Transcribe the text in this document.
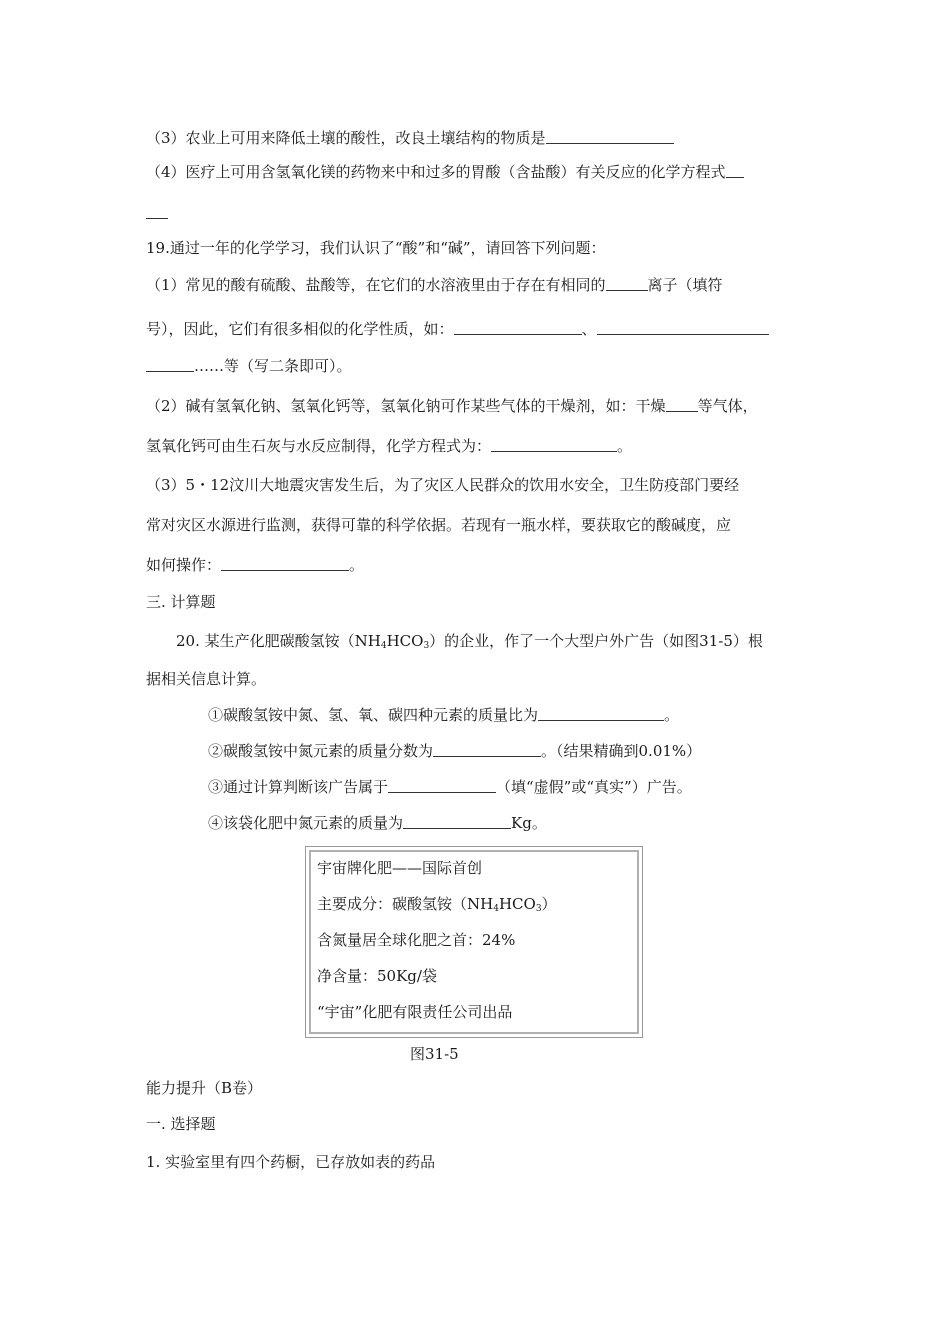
（3）农业上可用来降低土壤的酸性，改良土壤结构的物质是
（4）医疗上可用含氢氧化镁的药物来中和过多的胃酸（含盐酸）有关反应的化学方程式
19.通过一年的化学学习，我们认识了“酸”和“碱”，请回答下列问题：
（1）常见的酸有硫酸、盐酸等，在它们的水溶液里由于存在有相同的	离子（填符
号），因此，它们有很多相似的化学性质，如：	、
……等（写二条即可）。
（2）碱有氢氧化钠、氢氧化钙等，氢氧化钠可作某些气体的干燥剂，如：干燥 等气体，
氢氧化钙可由生石灰与水反应制得，化学方程式为：	。
（3）5・12汶川大地震灾害发生后，为了灾区人民群众的饮用水安全，卫生防疫部门要经
常对灾区水源进行监测，获得可靠的科学依据。若现有一瓶水样，要获取它的酸碱度，应
如何操作：	。
三. 计算题
20. 某生产化肥碳酸氢铵$(NH_4HCO_3)$的企业，作了一个大型户外广告（如图31-5）根
据相关信息计算。
①碳酸氢铵中氮、氢、氧、碳四种元素的质量比为	。
②碳酸氢铵中氮元素的质量分数为	。（结果精确到0.01%）
③通过计算判断该广告属于	（填“虚假”或“真实”）广告。
④该袋化肥中氮元素的质量为	Kg。
宇宙牌化肥——国际首创
主要成分：碳酸氢铵$(NH_4HCO_3)$
含氮量居全球化肥之首：24%
净含量：50Kg/袋
“宇宙”化肥有限责任公司出品
图31-5
能力提升（B卷）
一. 选择题
1. 实验室里有四个药橱，已存放如表的药品
